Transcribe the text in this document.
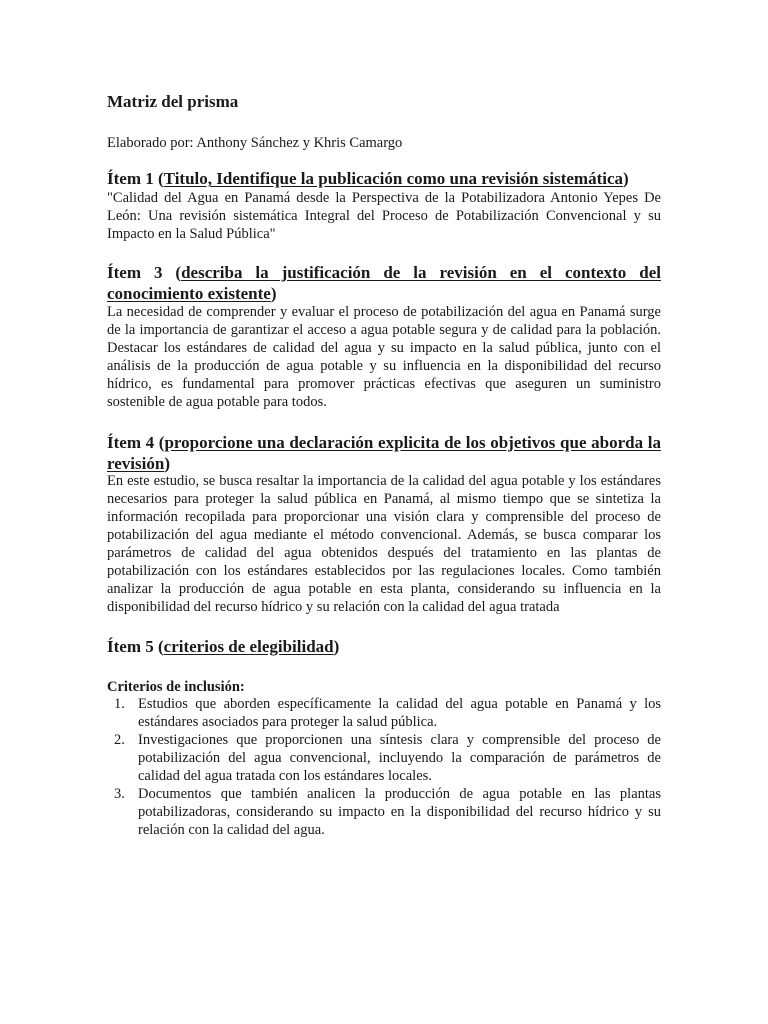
Matriz del prisma

Elaborado por: Anthony Sánchez y Khris Camargo

Ítem 1 (Titulo, Identifique la publicación como una revisión sistemática)

"Calidad del Agua en Panamá desde la Perspectiva de la Potabilizadora Antonio Yepes De León: Una revisión sistemática Integral del Proceso de Potabilización Convencional y su Impacto en la Salud Pública"

Ítem 3 (describa la justificación de la revisión en el contexto del conocimiento existente)

La necesidad de comprender y evaluar el proceso de potabilización del agua en Panamá surge de la importancia de garantizar el acceso a agua potable segura y de calidad para la población. Destacar los estándares de calidad del agua y su impacto en la salud pública, junto con el análisis de la producción de agua potable y su influencia en la disponibilidad del recurso hídrico, es fundamental para promover prácticas efectivas que aseguren un suministro sostenible de agua potable para todos.

Ítem 4 (proporcione una declaración explicita de los objetivos que aborda la revisión)

En este estudio, se busca resaltar la importancia de la calidad del agua potable y los estándares necesarios para proteger la salud pública en Panamá, al mismo tiempo que se sintetiza la información recopilada para proporcionar una visión clara y comprensible del proceso de potabilización del agua mediante el método convencional. Además, se busca comparar los parámetros de calidad del agua obtenidos después del tratamiento en las plantas de potabilización con los estándares establecidos por las regulaciones locales. Como también analizar la producción de agua potable en esta planta, considerando su influencia en la disponibilidad del recurso hídrico y su relación con la calidad del agua tratada

Ítem 5 (criterios de elegibilidad)

Criterios de inclusión:

1. Estudios que aborden específicamente la calidad del agua potable en Panamá y los estándares asociados para proteger la salud pública.
2. Investigaciones que proporcionen una síntesis clara y comprensible del proceso de potabilización del agua convencional, incluyendo la comparación de parámetros de calidad del agua tratada con los estándares locales.
3. Documentos que también analicen la producción de agua potable en las plantas potabilizadoras, considerando su impacto en la disponibilidad del recurso hídrico y su relación con la calidad del agua.
